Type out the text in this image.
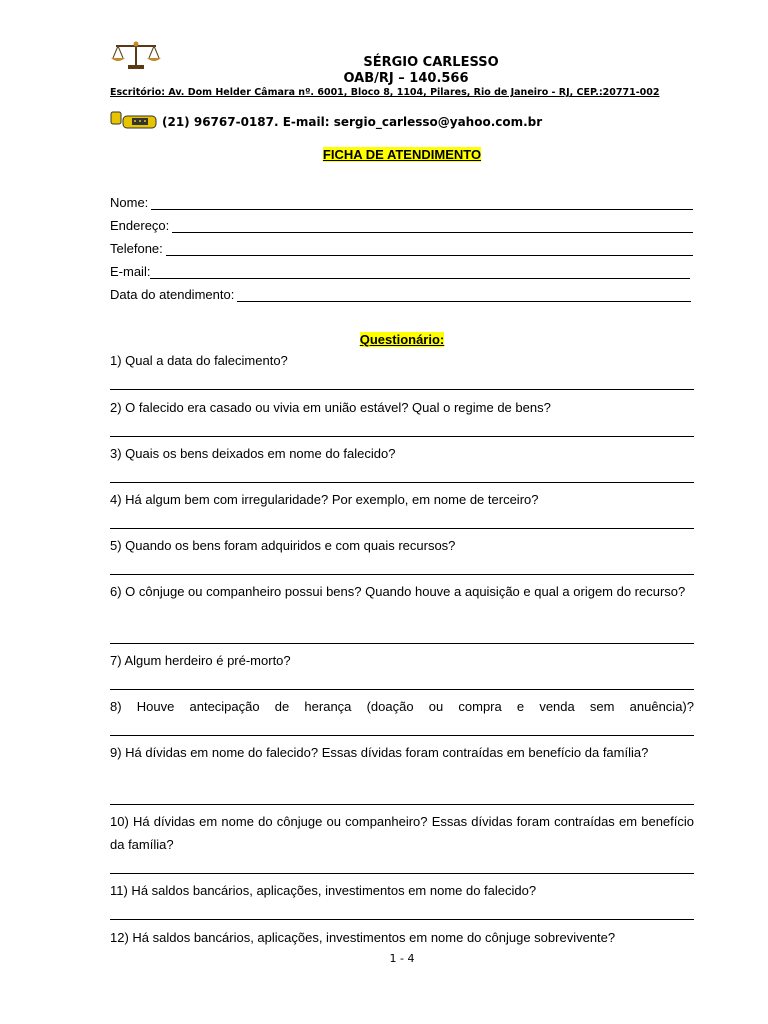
SÉRGIO CARLESSO
OAB/RJ – 140.566
Escritório: Av. Dom Helder Câmara nº. 6001, Bloco 8, 1104, Pilares, Rio de Janeiro - RJ, CEP.:20771-002
(21) 96767-0187. E-mail: sergio_carlesso@yahoo.com.br
FICHA DE ATENDIMENTO
Nome:
Endereço:
Telefone:
E-mail:
Data do atendimento:
Questionário:
1) Qual a data do falecimento?
2) O falecido era casado ou vivia em união estável? Qual o regime de bens?
3) Quais os bens deixados em nome do falecido?
4) Há algum bem com irregularidade? Por exemplo, em nome de terceiro?
5) Quando os bens foram adquiridos e com quais recursos?
6) O cônjuge ou companheiro possui bens? Quando houve a aquisição e qual a origem do recurso?
7) Algum herdeiro é pré-morto?
8) Houve antecipação de herança (doação ou compra e venda sem anuência)?
9) Há dívidas em nome do falecido? Essas dívidas foram contraídas em benefício da família?
10) Há dívidas em nome do cônjuge ou companheiro? Essas dívidas foram contraídas em benefício da família?
11) Há saldos bancários, aplicações, investimentos em nome do falecido?
12) Há saldos bancários, aplicações, investimentos em nome do cônjuge sobrevivente?
1 - 4
